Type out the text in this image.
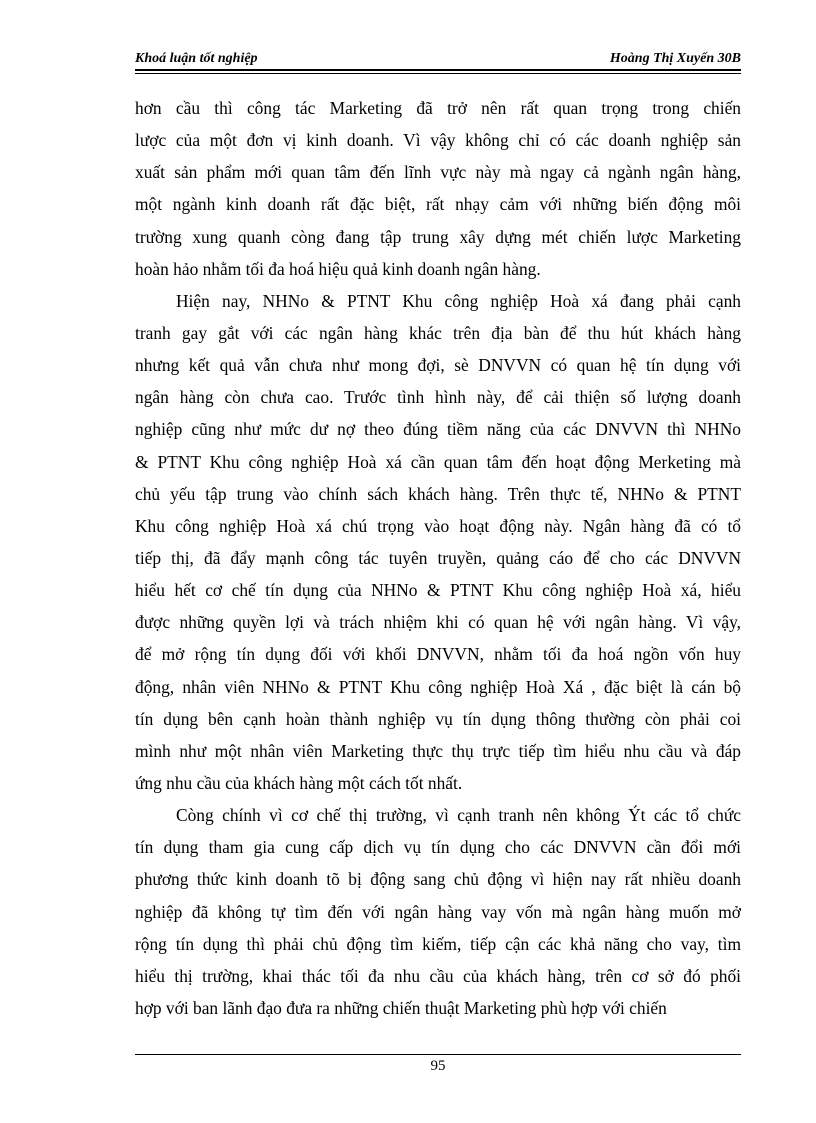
Khoá luận tốt nghiệp	Hoàng Thị Xuyến 30B
hơn cầu thì công tác Marketing đã trở nên rất quan trọng trong chiến
lược của một đơn vị kinh doanh. Vì vậy không chỉ có các doanh nghiệp sản
xuất sản phẩm mới quan tâm đến lĩnh vực này mà ngay cả ngành ngân hàng,
một ngành kinh doanh rất đặc biệt, rất nhạy cảm với những biến động môi
trường xung quanh còng đang tập trung xây dựng mét chiến lược Marketing
hoàn hảo nhằm tối đa hoá hiệu quả kinh doanh ngân hàng.
Hiện nay, NHNo & PTNT Khu công nghiệp Hoà xá đang phải cạnh
tranh gay gắt với các ngân hàng khác trên địa bàn để thu hút khách hàng
nhưng kết quả vẫn chưa như mong đợi, sè DNVVN có quan hệ tín dụng với
ngân hàng còn chưa cao. Trước tình hình này, để cải thiện số lượng doanh
nghiệp cũng như mức dư nợ theo đúng tiềm năng của các DNVVN thì NHNo
& PTNT Khu công nghiệp Hoà xá cần quan tâm đến hoạt động Merketing mà
chủ yếu tập trung vào chính sách khách hàng. Trên thực tế, NHNo & PTNT
Khu công nghiệp Hoà xá chú trọng vào hoạt động này. Ngân hàng đã có tổ
tiếp thị, đã đẩy mạnh công tác tuyên truyền, quảng cáo để cho các DNVVN
hiểu hết cơ chế tín dụng của NHNo & PTNT Khu công nghiệp Hoà xá, hiểu
được những quyền lợi và trách nhiệm khi có quan hệ với ngân hàng. Vì vậy,
để mở rộng tín dụng đối với khối DNVVN, nhằm tối đa hoá ngồn vốn huy
động, nhân viên NHNo & PTNT Khu công nghiệp Hoà Xá , đặc biệt là cán bộ
tín dụng bên cạnh hoàn thành nghiệp vụ tín dụng thông thường còn phải coi
mình như một nhân viên Marketing thực thụ trực tiếp tìm hiểu nhu cầu và đáp
ứng nhu cầu của khách hàng một cách tốt nhất.
Còng chính vì cơ chế thị trường, vì cạnh tranh nên không Ýt các tổ chức
tín dụng tham gia cung cấp dịch vụ tín dụng cho các DNVVN cần đổi mới
phương thức kinh doanh tõ bị động sang chủ động vì hiện nay rất nhiều doanh
nghiệp đã không tự tìm đến với ngân hàng vay vốn mà ngân hàng muốn mở
rộng tín dụng thì phải chủ động tìm kiếm, tiếp cận các khả năng cho vay, tìm
hiểu thị trường, khai thác tối đa nhu cầu của khách hàng, trên cơ sở đó phối
hợp với ban lãnh đạo đưa ra những chiến thuật Marketing phù hợp với chiến
95
